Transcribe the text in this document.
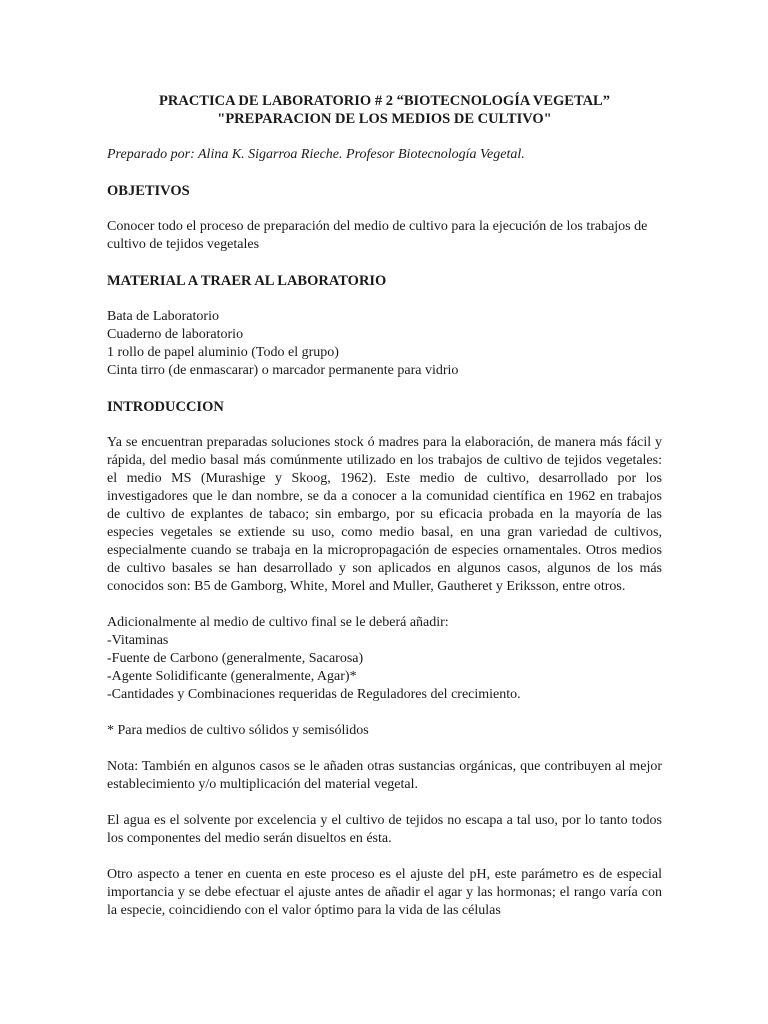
PRACTICA DE LABORATORIO # 2 “BIOTECNOLOGÍA VEGETAL”
"PREPARACION DE LOS MEDIOS DE CULTIVO"

Preparado por: Alina K. Sigarroa Rieche. Profesor Biotecnología Vegetal.

OBJETIVOS

Conocer todo el proceso de preparación del medio de cultivo para la ejecución de los trabajos de cultivo de tejidos vegetales

MATERIAL A TRAER AL LABORATORIO
Bata de Laboratorio
Cuaderno de laboratorio
1 rollo de papel aluminio (Todo el grupo)
Cinta tirro (de enmascarar) o marcador permanente para vidrio
INTRODUCCION

Ya se encuentran preparadas soluciones stock ó madres para la elaboración, de manera más fácil y rápida, del medio basal más comúnmente utilizado en los trabajos de cultivo de tejidos vegetales: el medio MS (Murashige y Skoog, 1962). Este medio de cultivo, desarrollado por los investigadores que le dan nombre, se da a conocer a la comunidad científica en 1962 en trabajos de cultivo de explantes de tabaco; sin embargo, por su eficacia probada en la mayoría de las especies vegetales se extiende su uso, como medio basal, en una gran variedad de cultivos, especialmente cuando se trabaja en la micropropagación de especies ornamentales. Otros medios de cultivo basales se han desarrollado y son aplicados en algunos casos, algunos de los más conocidos son: B5 de Gamborg, White, Morel and Muller, Gautheret y Eriksson, entre otros.

Adicionalmente al medio de cultivo final se le deberá añadir:
-Vitaminas
-Fuente de Carbono (generalmente, Sacarosa)
-Agente Solidificante (generalmente, Agar)*
-Cantidades y Combinaciones requeridas de Reguladores del crecimiento.

* Para medios de cultivo sólidos y semisólidos

Nota: También en algunos casos se le añaden otras sustancias orgánicas, que contribuyen al mejor establecimiento y/o multiplicación del material vegetal.

El agua es el solvente por excelencia y el cultivo de tejidos no escapa a tal uso, por lo tanto todos los componentes del medio serán disueltos en ésta.

Otro aspecto a tener en cuenta en este proceso es el ajuste del pH, este parámetro es de especial importancia y se debe efectuar el ajuste antes de añadir el agar y las hormonas; el rango varía con la especie, coincidiendo con el valor óptimo para la vida de las células
